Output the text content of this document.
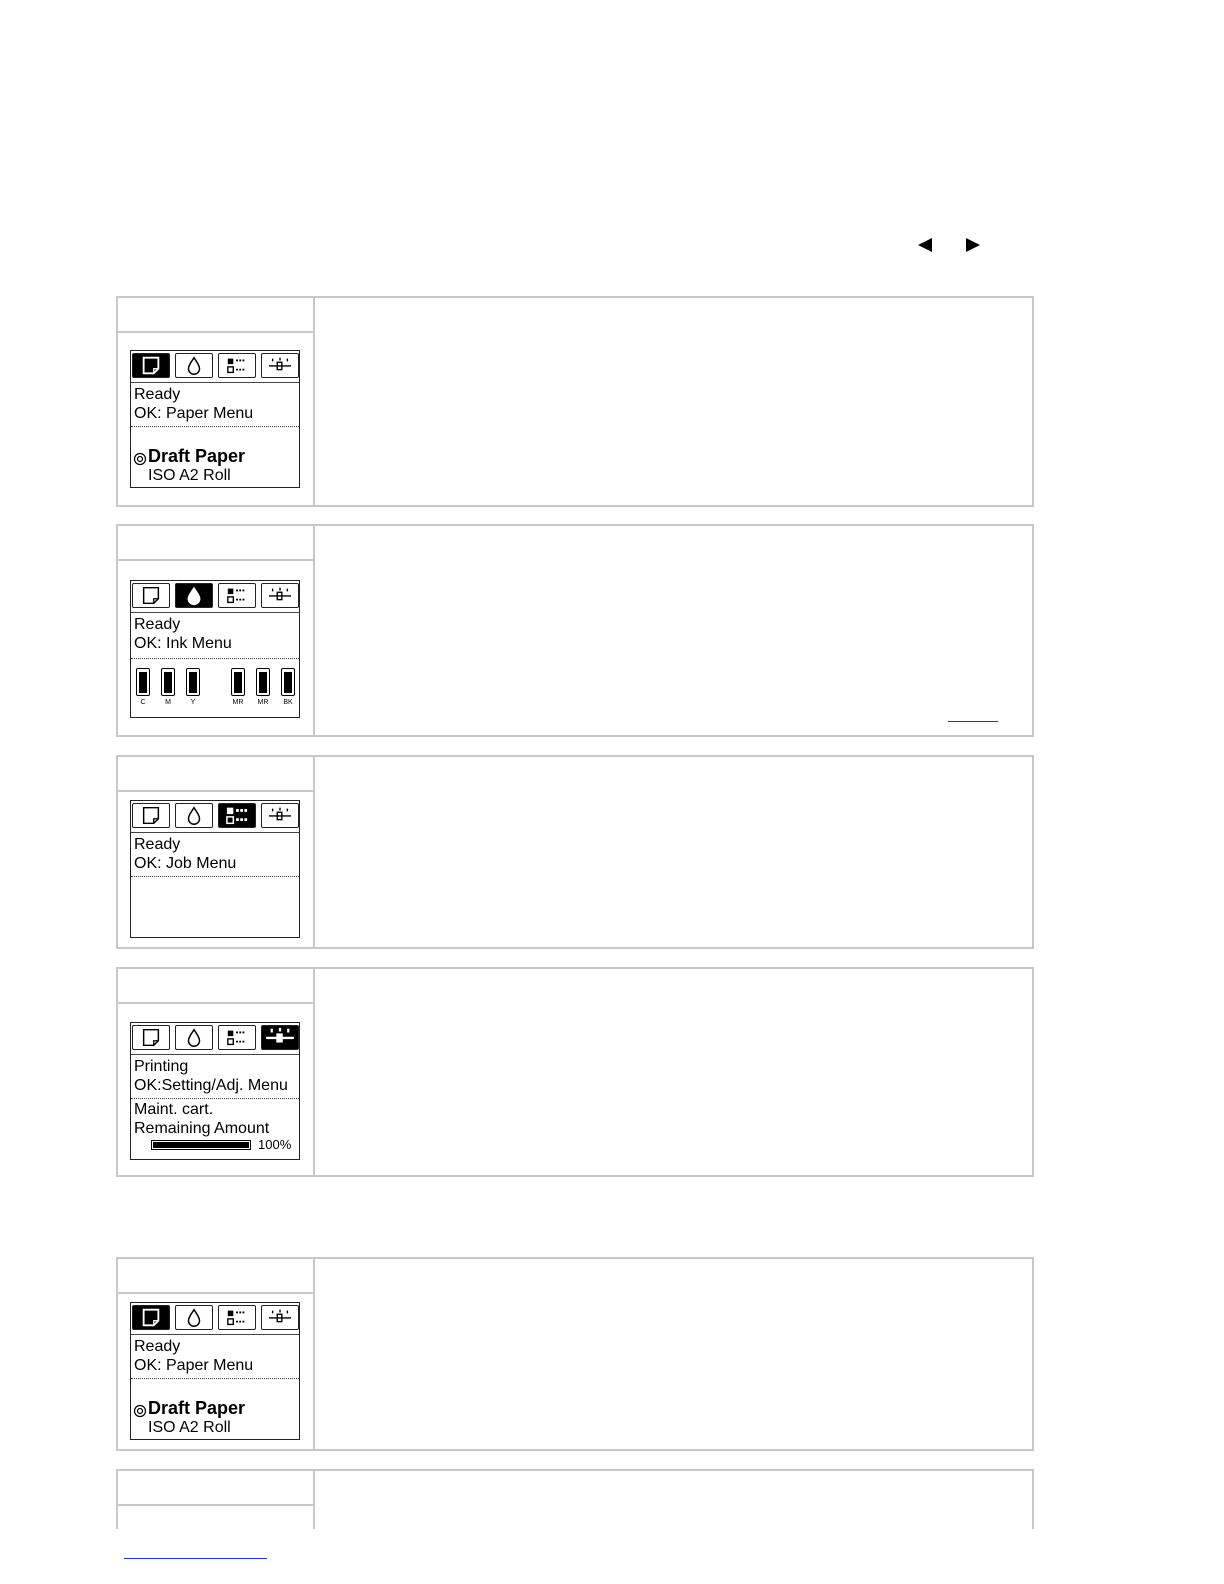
Ready
OK: Paper Menu
Draft Paper
ISO A2 Roll
Ready
OK: Ink Menu
C	M	Y	MR MR	BK
Ready
OK: Job Menu
Printing
OK:Setting/Adj. Menu
Maint. cart.
Remaining Amount
100%
Ready
OK: Paper Menu
Draft Paper
ISO A2 Roll
